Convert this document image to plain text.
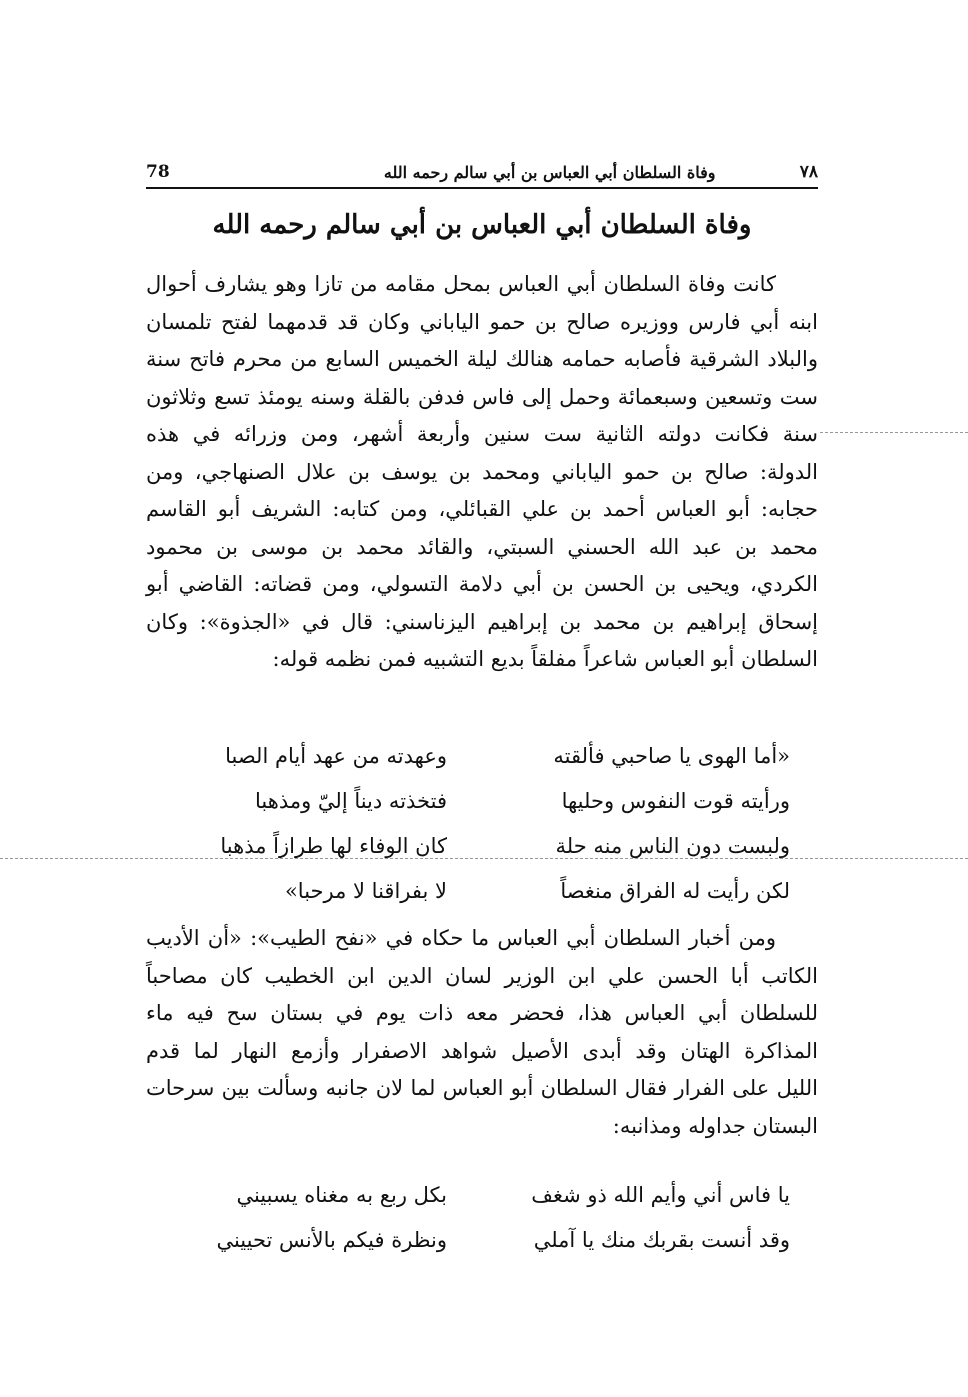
78	وفاة السلطان أبي العباس بن أبي سالم رحمه الله	٧٨
وفاة السلطان أبي العباس بن أبي سالم رحمه الله
كانت وفاة السلطان أبي العباس بمحل مقامه من تازا وهو يشارف أحوال
ابنه أبي فارس ووزيره صالح بن حمو الياباني وكان قد قدمهما لفتح تلمسان
والبلاد الشرقية فأصابه حمامه هنالك ليلة الخميس السابع من محرم فاتح سنة
ست وتسعين وسبعمائة وحمل إلى فاس فدفن بالقلة وسنه يومئذ تسع وثلاثون
سنة فكانت دولته الثانية ست سنين وأربعة أشهر، ومن وزرائه في هذه
الدولة: صالح بن حمو الياباني ومحمد بن يوسف بن علال الصنهاجي، ومن
حجابه: أبو العباس أحمد بن علي القبائلي، ومن كتابه: الشريف أبو القاسم
محمد بن عبد الله الحسني السبتي، والقائد محمد بن موسى بن محمود
الكردي، ويحيى بن الحسن بن أبي دلامة التسولي، ومن قضاته: القاضي أبو
إسحاق إبراهيم بن محمد بن إبراهيم اليزناسني: قال في «الجذوة»: وكان
السلطان أبو العباس شاعراً مفلقاً بديع التشبيه فمن نظمه قوله:
«أما الهوى يا صاحبي فألقته
وعهدته من عهد أيام الصبا
ورأيته قوت النفوس وحليها
فتخذته ديناً إليّ ومذهبا
ولبست دون الناس منه حلة
كان الوفاء لها طرازاً مذهبا
لكن رأيت له الفراق منغصاً
لا بفراقنا لا مرحبا»
ومن أخبار السلطان أبي العباس ما حكاه في «نفح الطيب»: «أن الأديب
الكاتب أبا الحسن علي ابن الوزير لسان الدين ابن الخطيب كان مصاحباً
للسلطان أبي العباس هذا، فحضر معه ذات يوم في بستان سح فيه ماء
المذاكرة الهتان وقد أبدى الأصيل شواهد الاصفرار وأزمع النهار لما قدم
الليل على الفرار فقال السلطان أبو العباس لما لان جانبه وسألت بين سرحات
البستان جداوله ومذانبه:
يا فاس أني وأيم الله ذو شغف
بكل ربع به مغناه يسبيني
وقد أنست بقربك منك يا آملي
ونظرة فيكم بالأنس تحييني
